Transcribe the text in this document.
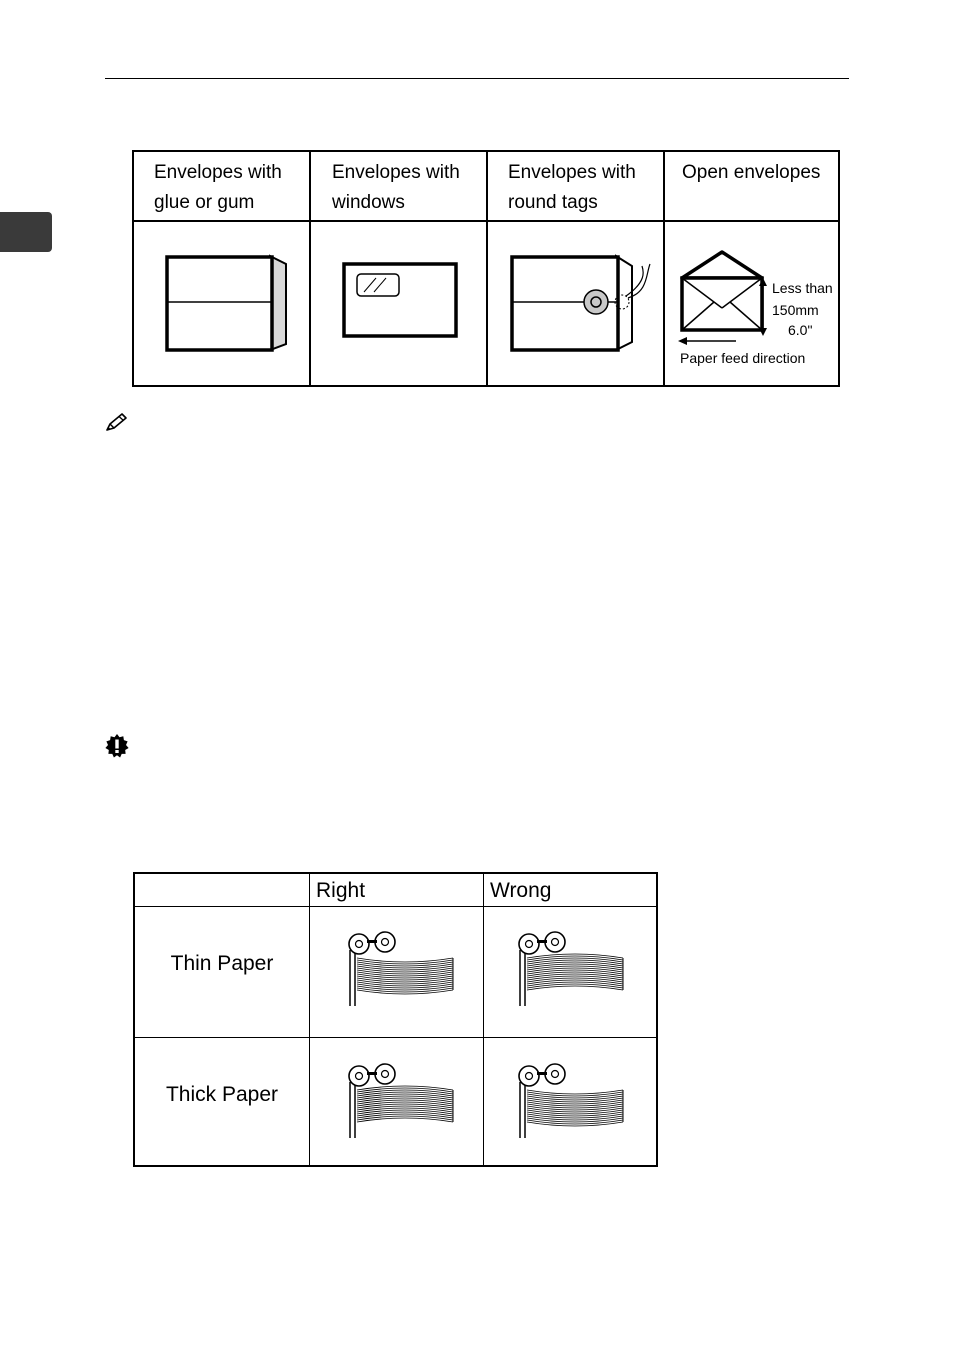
Envelopes with
glue or gum
Envelopes with
windows
Envelopes with
round tags
Open envelopes
Less than
150mm
6.0"
Paper feed direction
Right	Wrong
Thin Paper
Thick Paper
